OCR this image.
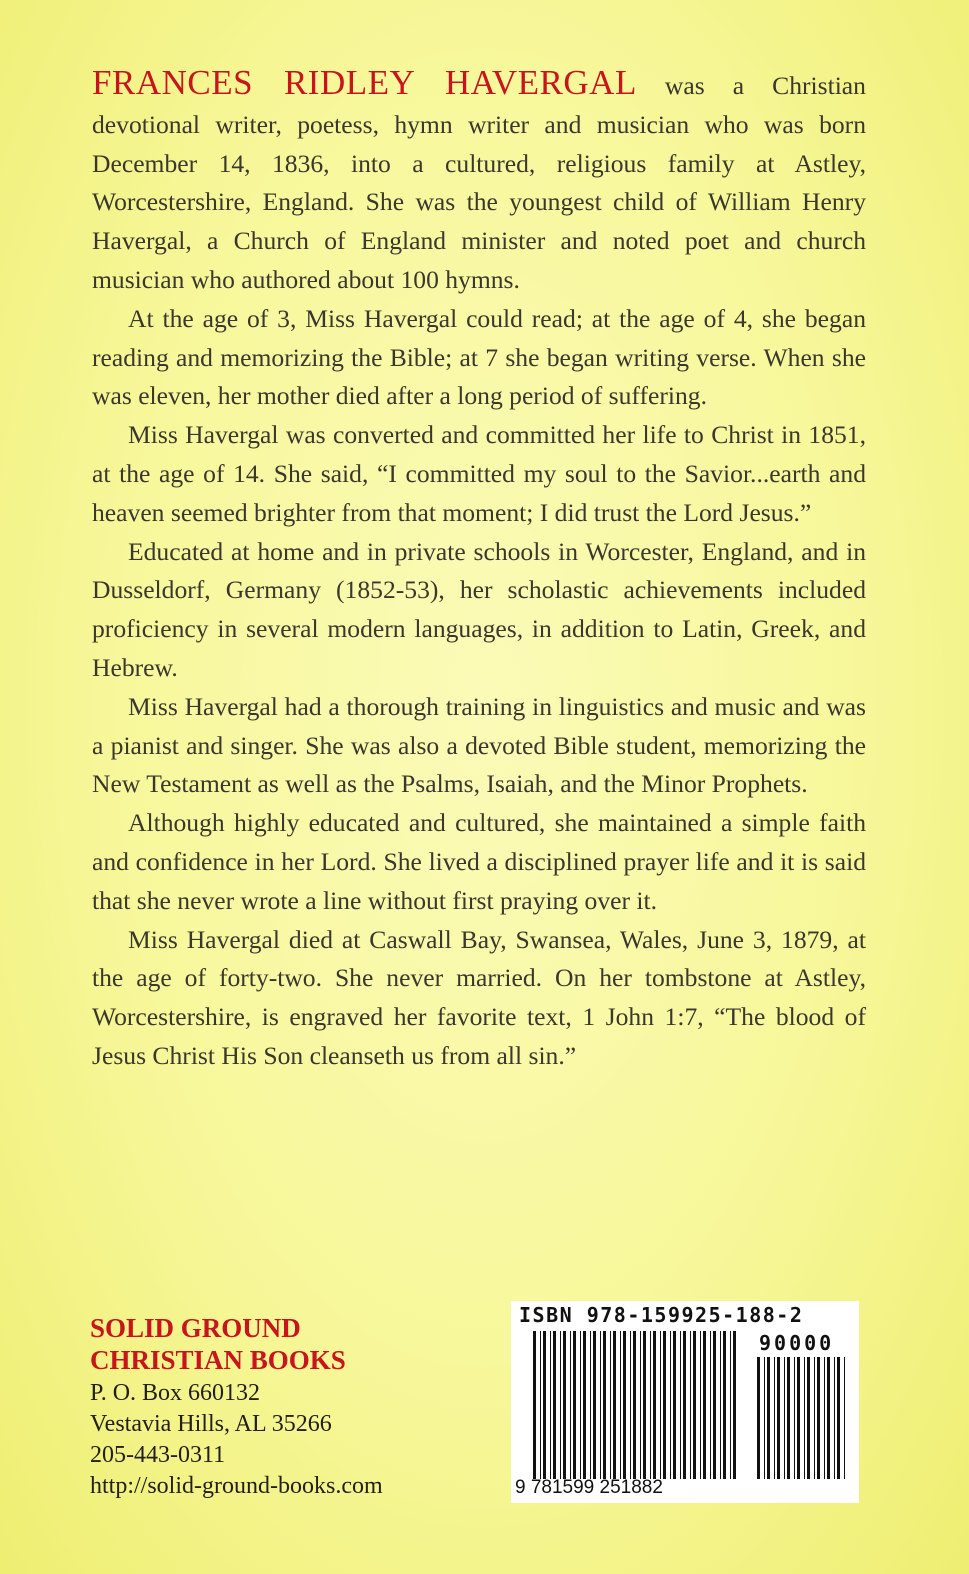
FRANCES RIDLEY HAVERGAL was a Christian devotional writer, poetess, hymn writer and musician who was born December 14, 1836, into a cultured, religious family at Astley, Worcestershire, England. She was the youngest child of William Henry Havergal, a Church of England minister and noted poet and church musician who authored about 100 hymns.

At the age of 3, Miss Havergal could read; at the age of 4, she began reading and memorizing the Bible; at 7 she began writing verse. When she was eleven, her mother died after a long period of suffering.

Miss Havergal was converted and committed her life to Christ in 1851, at the age of 14. She said, “I committed my soul to the Savior...earth and heaven seemed brighter from that moment; I did trust the Lord Jesus.”

Educated at home and in private schools in Worcester, England, and in Dusseldorf, Germany (1852-53), her scholastic achievements included proficiency in several modern languages, in addition to Latin, Greek, and Hebrew.

Miss Havergal had a thorough training in linguistics and music and was a pianist and singer. She was also a devoted Bible student, memorizing the New Testament as well as the Psalms, Isaiah, and the Minor Prophets.

Although highly educated and cultured, she maintained a simple faith and confidence in her Lord. She lived a disciplined prayer life and it is said that she never wrote a line without first praying over it.

Miss Havergal died at Caswall Bay, Swansea, Wales, June 3, 1879, at the age of forty-two. She never married. On her tombstone at Astley, Worcestershire, is engraved her favorite text, 1 John 1:7, “The blood of Jesus Christ His Son cleanseth us from all sin.”

SOLID GROUND

CHRISTIAN BOOKS

P. O. Box 660132

Vestavia Hills, AL 35266

205-443-0311

http://solid-ground-books.com

ISBN 978-159925-188-2
90000
9 781599 251882
